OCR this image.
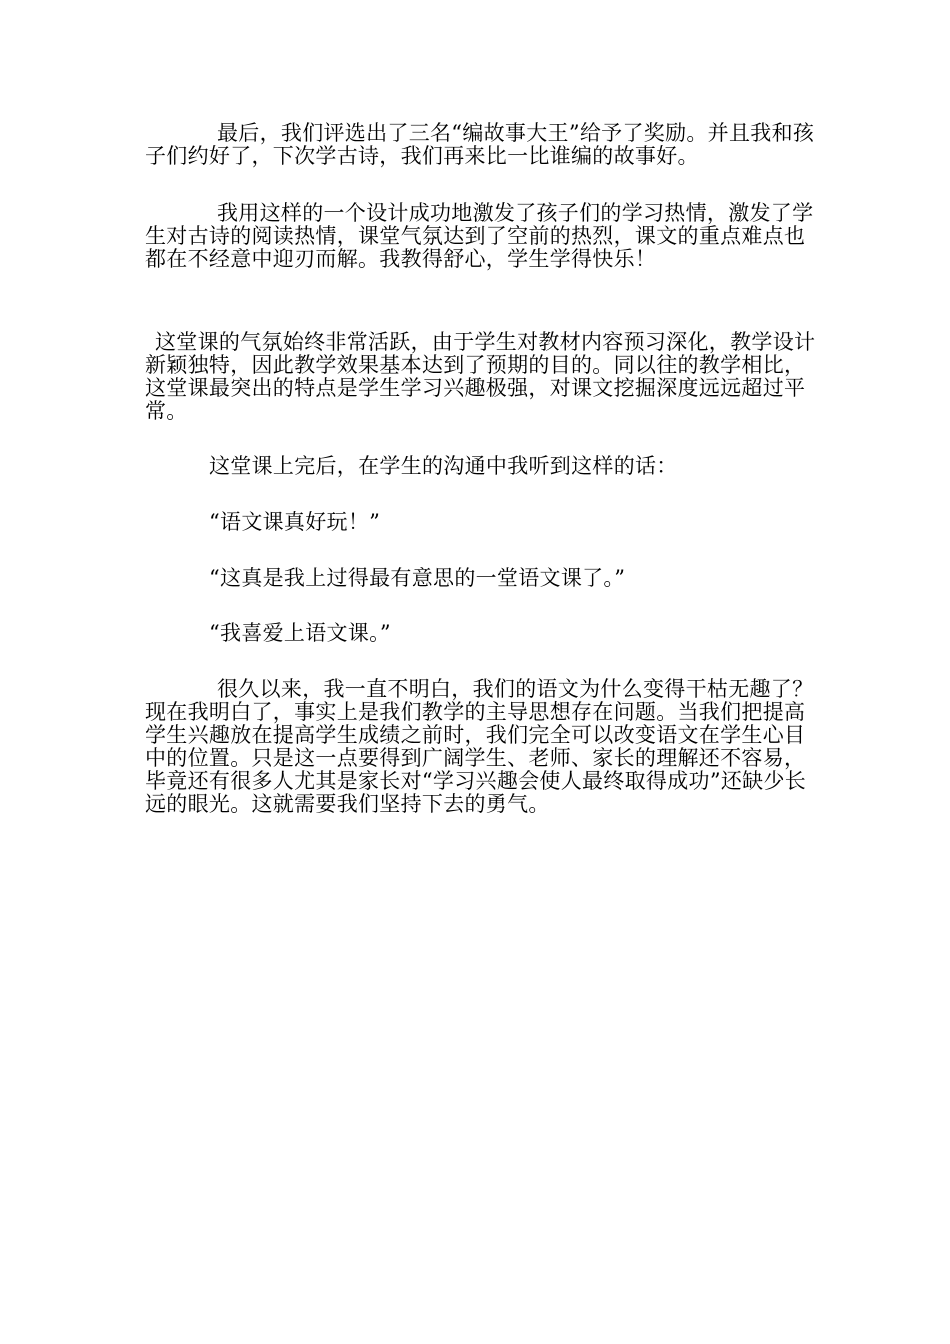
最后，我们评选出了三名“编故事大王”给予了奖励。并且我和孩子们约好了，下次学古诗，我们再来比一比谁编的故事好。

我用这样的一个设计成功地激发了孩子们的学习热情，激发了学生对古诗的阅读热情，课堂气氛达到了空前的热烈，课文的重点难点也都在不经意中迎刃而解。我教得舒心，学生学得快乐！

这堂课的气氛始终非常活跃，由于学生对教材内容预习深化，教学设计新颖独特，因此教学效果基本达到了预期的目的。同以往的教学相比，这堂课最突出的特点是学生学习兴趣极强，对课文挖掘深度远远超过平常。

这堂课上完后，在学生的沟通中我听到这样的话：

“语文课真好玩！”

“这真是我上过得最有意思的一堂语文课了。”

“我喜爱上语文课。”

很久以来，我一直不明白，我们的语文为什么变得干枯无趣了？现在我明白了，事实上是我们教学的主导思想存在问题。当我们把提高学生兴趣放在提高学生成绩之前时，我们完全可以改变语文在学生心目中的位置。只是这一点要得到广阔学生、老师、家长的理解还不容易，毕竟还有很多人尤其是家长对“学习兴趣会使人最终取得成功”还缺少长远的眼光。这就需要我们坚持下去的勇气。
